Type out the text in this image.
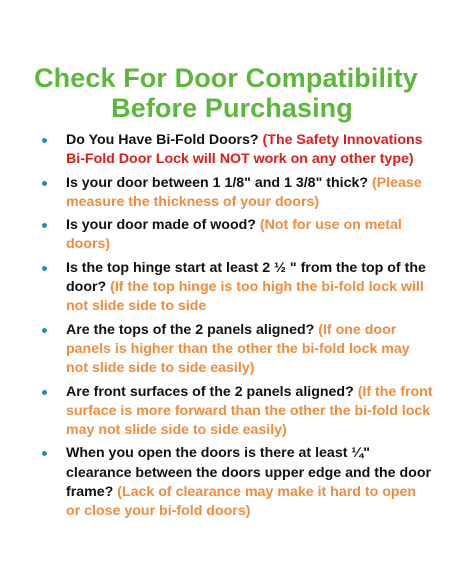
Check For Door Compatibility
Before Purchasing
Do You Have Bi-Fold Doors? (The Safety Innovations Bi-Fold Door Lock will NOT work on any other type)
Is your door between 1 1/8" and 1 3/8" thick? (Please measure the thickness of your doors)
Is your door made of wood? (Not for use on metal doors)
Is the top hinge start at least 2 ½ " from the top of the door? (If the top hinge is too high the bi-fold lock will not slide side to side
Are the tops of the 2 panels aligned? (If one door panels is higher than the other the bi-fold lock may not slide side to side easily)
Are front surfaces of the 2 panels aligned? (If the front surface is more forward than the other the bi-fold lock may not slide side to side easily)
When you open the doors is there at least ¼" clearance between the doors upper edge and the door frame? (Lack of clearance may make it hard to open or close your bi-fold doors)
